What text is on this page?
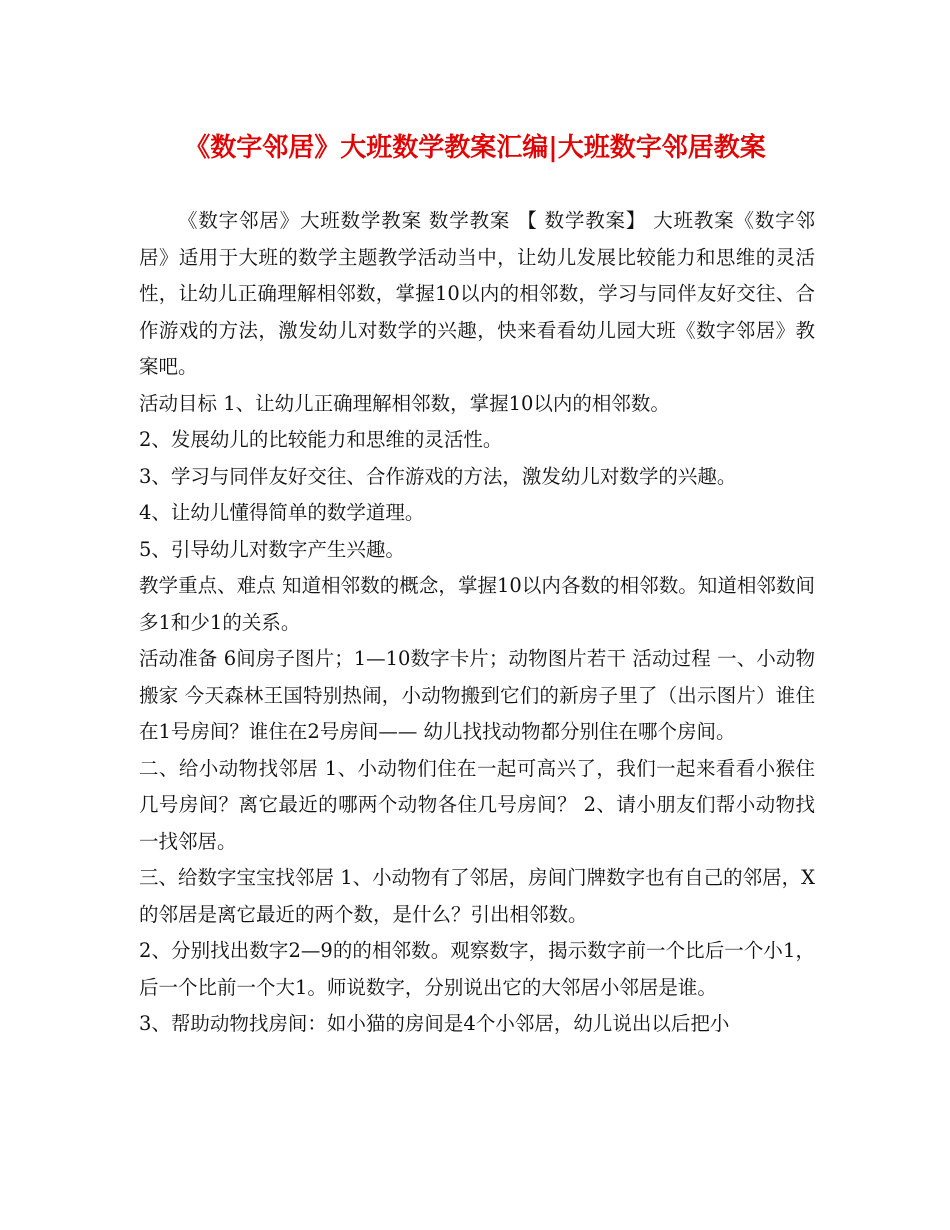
《数字邻居》大班数学教案汇编|大班数字邻居教案

《数字邻居》大班数学教案 数学教案 【 数学教案】 大班教案《数字邻居》适用于大班的数学主题教学活动当中，让幼儿发展比较能力和思维的灵活性，让幼儿正确理解相邻数，掌握10以内的相邻数，学习与同伴友好交往、合作游戏的方法，激发幼儿对数学的兴趣，快来看看幼儿园大班《数字邻居》教案吧。

活动目标 1、让幼儿正确理解相邻数，掌握10以内的相邻数。

2、发展幼儿的比较能力和思维的灵活性。

3、学习与同伴友好交往、合作游戏的方法，激发幼儿对数学的兴趣。

4、让幼儿懂得简单的数学道理。

5、引导幼儿对数字产生兴趣。

教学重点、难点 知道相邻数的概念，掌握10以内各数的相邻数。知道相邻数间多1和少1的关系。

活动准备 6间房子图片；1—10数字卡片；动物图片若干 活动过程 一、小动物搬家 今天森林王国特别热闹，小动物搬到它们的新房子里了（出示图片）谁住在1号房间？谁住在2号房间—— 幼儿找找动物都分别住在哪个房间。

二、给小动物找邻居 1、小动物们住在一起可高兴了，我们一起来看看小猴住几号房间？离它最近的哪两个动物各住几号房间？ 2、请小朋友们帮小动物找一找邻居。

三、给数字宝宝找邻居 1、小动物有了邻居，房间门牌数字也有自己的邻居，X的邻居是离它最近的两个数，是什么？引出相邻数。

2、分别找出数字2—9的的相邻数。观察数字，揭示数字前一个比后一个小1，后一个比前一个大1。师说数字，分别说出它的大邻居小邻居是谁。

3、帮助动物找房间：如小猫的房间是4个小邻居，幼儿说出以后把小
